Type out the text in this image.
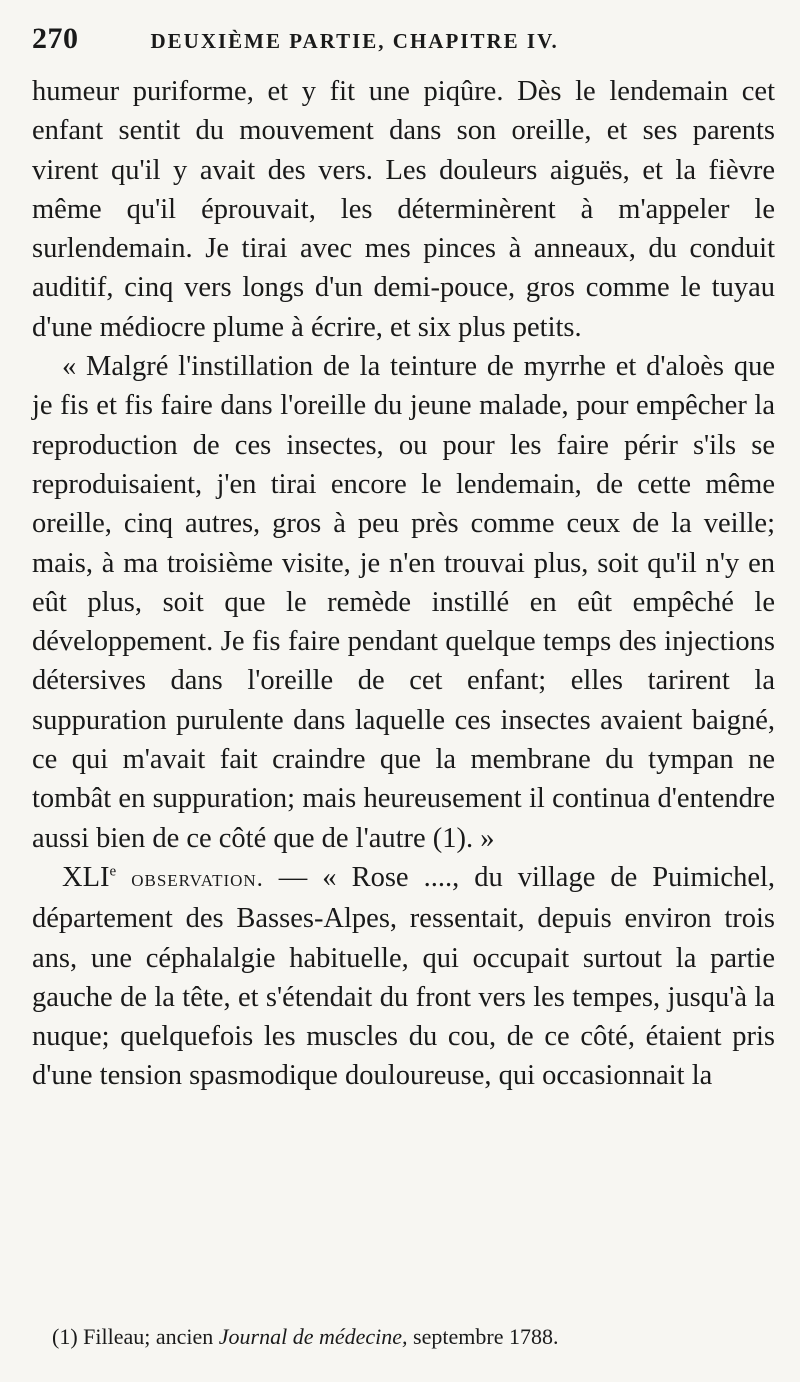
270	DEUXIÈME PARTIE, CHAPITRE IV.

humeur puriforme, et y fit une piqûre. Dès le lendemain cet enfant sentit du mouvement dans son oreille, et ses parents virent qu'il y avait des vers. Les douleurs aiguës, et la fièvre même qu'il éprouvait, les déterminèrent à m'appeler le surlendemain. Je tirai avec mes pinces à anneaux, du conduit auditif, cinq vers longs d'un demi-pouce, gros comme le tuyau d'une médiocre plume à écrire, et six plus petits.

« Malgré l'instillation de la teinture de myrrhe et d'aloès que je fis et fis faire dans l'oreille du jeune malade, pour empêcher la reproduction de ces insectes, ou pour les faire périr s'ils se reproduisaient, j'en tirai encore le lendemain, de cette même oreille, cinq autres, gros à peu près comme ceux de la veille; mais, à ma troisième visite, je n'en trouvai plus, soit qu'il n'y en eût plus, soit que le remède instillé en eût empêché le développement. Je fis faire pendant quelque temps des injections détersives dans l'oreille de cet enfant; elles tarirent la suppuration purulente dans laquelle ces insectes avaient baigné, ce qui m'avait fait craindre que la membrane du tympan ne tombât en suppuration; mais heureusement il continua d'entendre aussi bien de ce côté que de l'autre (1). »

XLIe observation. — « Rose ...., du village de Puimichel, département des Basses-Alpes, ressentait, depuis environ trois ans, une céphalalgie habituelle, qui occupait surtout la partie gauche de la tête, et s'étendait du front vers les tempes, jusqu'à la nuque; quelquefois les muscles du cou, de ce côté, étaient pris d'une tension spasmodique douloureuse, qui occasionnait la

(1) Filleau; ancien Journal de médecine, septembre 1788.
